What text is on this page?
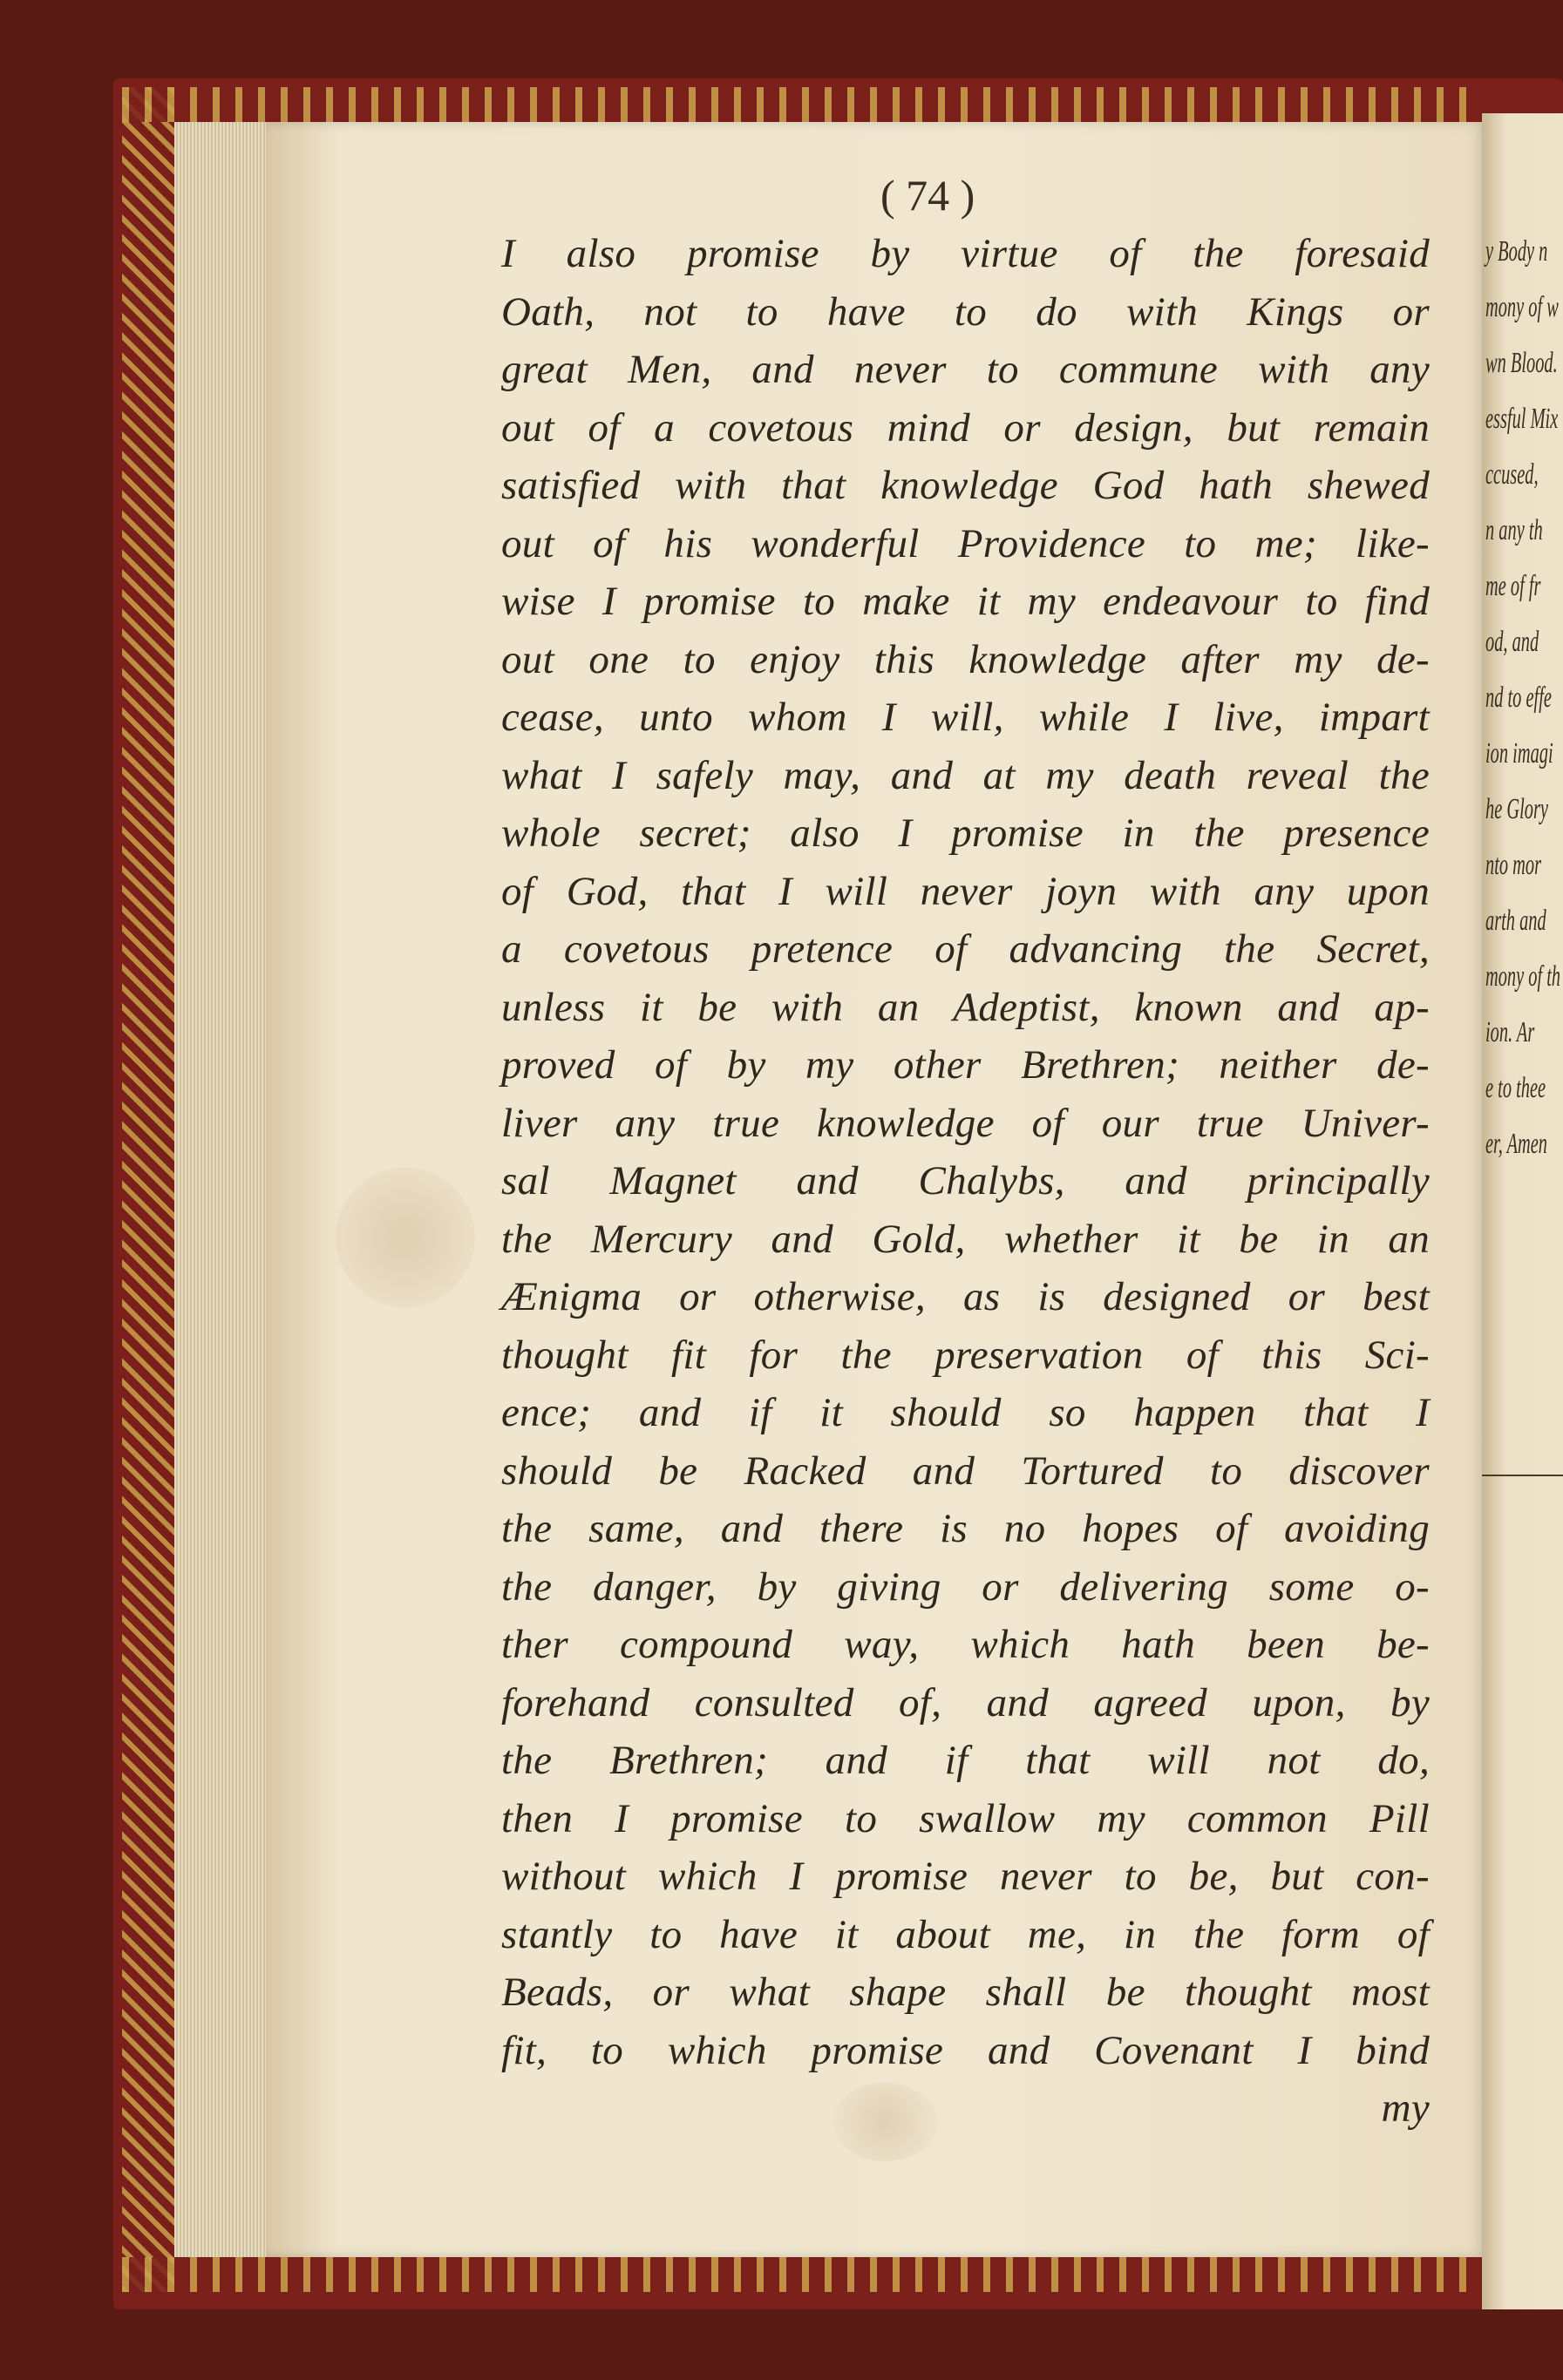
( 74 )
I also promise by virtue of the foresaid
Oath, not to have to do with Kings or
great Men, and never to commune with any
out of a covetous mind or design, but remain
satisfied with that knowledge God hath shewed
out of his wonderful Providence to me; like-
wise I promise to make it my endeavour to find
out one to enjoy this knowledge after my de-
cease, unto whom I will, while I live, impart
what I safely may, and at my death reveal the
whole secret; also I promise in the presence
of God, that I will never joyn with any upon
a covetous pretence of advancing the Secret,
unless it be with an Adeptist, known and ap-
proved of by my other Brethren; neither de-
liver any true knowledge of our true Univer-
sal Magnet and Chalybs, and principally
the Mercury and Gold, whether it be in an
Ænigma or otherwise, as is designed or best
thought fit for the preservation of this Sci-
ence; and if it should so happen that I
should be Racked and Tortured to discover
the same, and there is no hopes of avoiding
the danger, by giving or delivering some o-
ther compound way, which hath been be-
forehand consulted of, and agreed upon, by
the Brethren; and if that will not do,
then I promise to swallow my common Pill
without which I promise never to be, but con-
stantly to have it about me, in the form of
Beads, or what shape shall be thought most
fit, to which promise and Covenant I bind
my
y Body n
mony of w
wn Blood.
essful Mix
ccused,
n any th
me of fr
od, and
nd to effe
ion imagi
he Glory
nto mor
arth and
mony of th
ion. Ar
e to thee
er, Amen
